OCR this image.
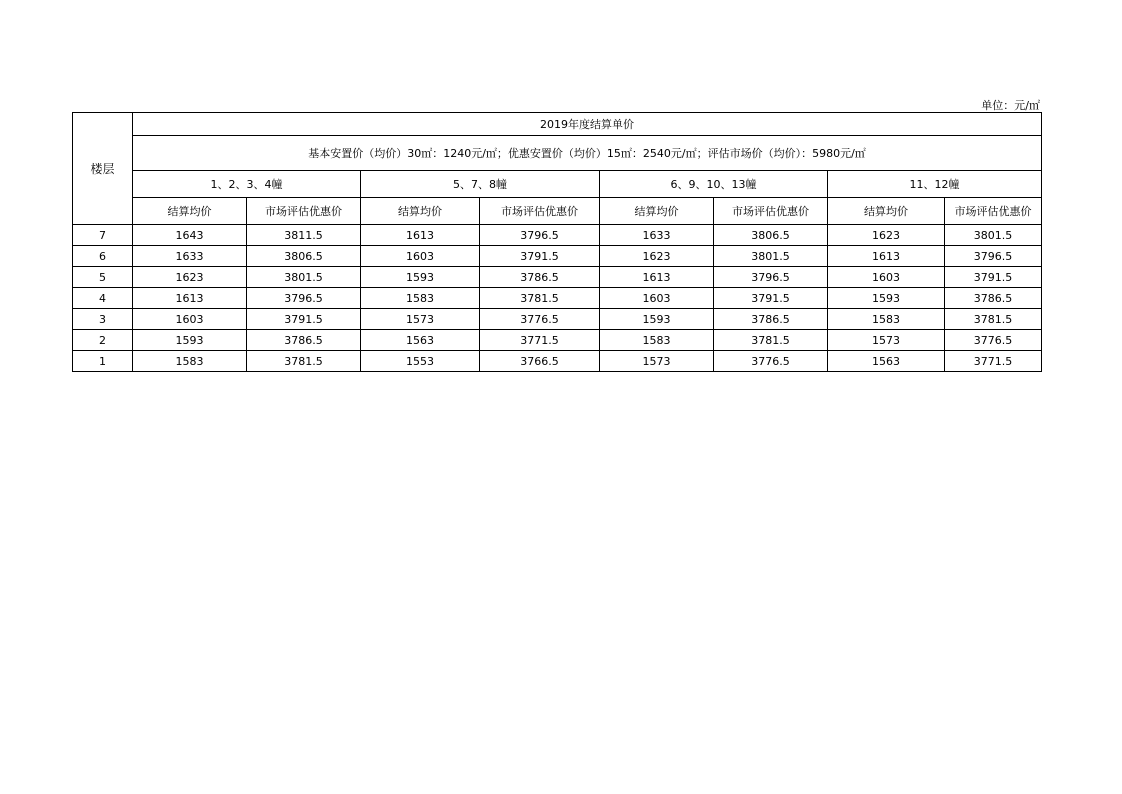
单位：元/㎡
楼层	2019年度结算单价							
	基本安置价（均价）30㎡：1240元/㎡；优惠安置价（均价）15㎡：2540元/㎡；评估市场价（均价）：5980元/㎡							
	1、2、3、4幢		5、7、8幢		6、9、10、13幢		11、12幢	
	结算均价	市场评估优惠价	结算均价	市场评估优惠价	结算均价	市场评估优惠价	结算均价	市场评估优惠价
7	1643	3811.5	1613	3796.5	1633	3806.5	1623	3801.5
6	1633	3806.5	1603	3791.5	1623	3801.5	1613	3796.5
5	1623	3801.5	1593	3786.5	1613	3796.5	1603	3791.5
4	1613	3796.5	1583	3781.5	1603	3791.5	1593	3786.5
3	1603	3791.5	1573	3776.5	1593	3786.5	1583	3781.5
2	1593	3786.5	1563	3771.5	1583	3781.5	1573	3776.5
1	1583	3781.5	1553	3766.5	1573	3776.5	1563	3771.5
